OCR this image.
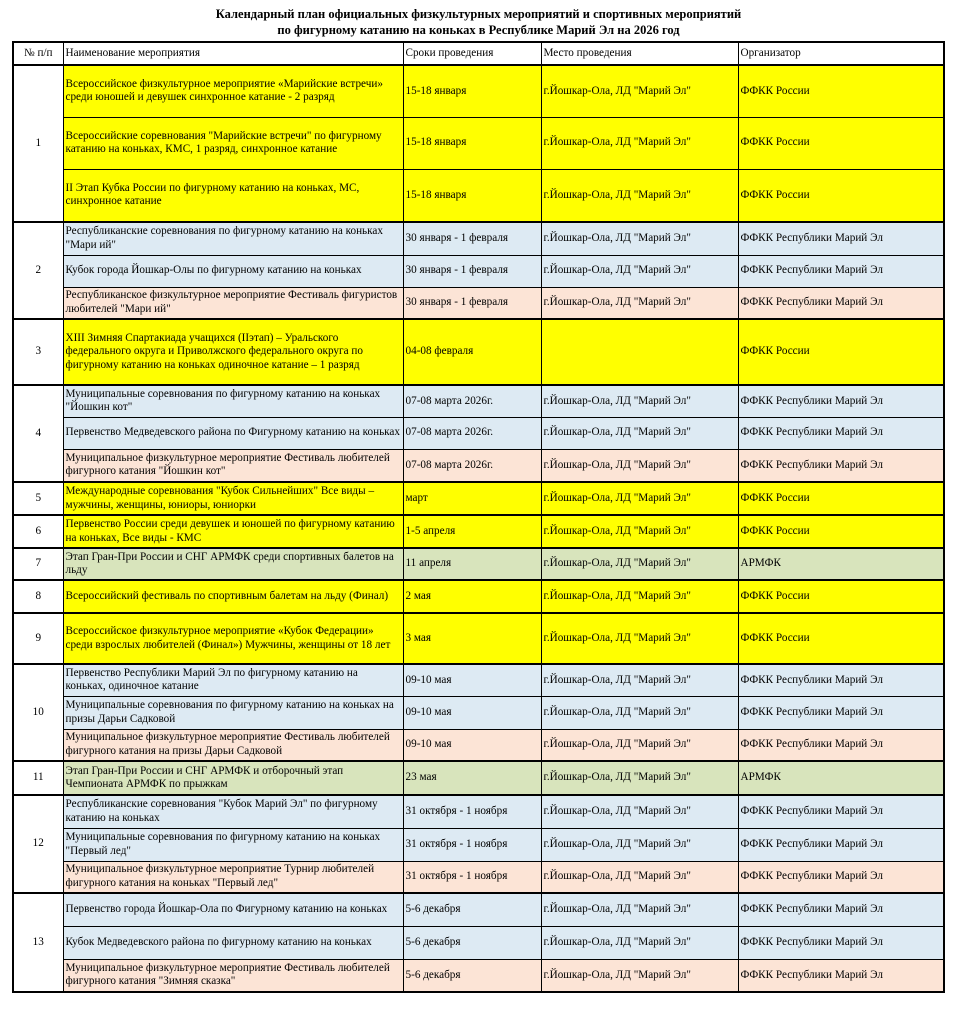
Календарный план официальных физкультурных мероприятий и спортивных мероприятий
по фигурному катанию на коньках в Республике Марий Эл на 2026 год
№ п/п	Наименование мероприятия	Сроки проведения	Место проведения	Организатор
1	Всероссийское физкультурное мероприятие «Марийские встречи» среди юношей и девушек синхронное катание - 2 разряд	15-18 января	г.Йошкар-Ола, ЛД "Марий Эл"	ФФКК России
	Всероссийские соревнования "Марийские встречи" по фигурному катанию на коньках, КМС, 1 разряд, синхронное катание	15-18 января	г.Йошкар-Ола, ЛД "Марий Эл"	ФФКК России
	II Этап Кубка России по фигурному катанию на коньках, МС, синхронное катание	15-18 января	г.Йошкар-Ола, ЛД "Марий Эл"	ФФКК России
2	Республиканские соревнования по фигурному катанию на коньках "Мари ий"	30 января - 1 февраля	г.Йошкар-Ола, ЛД "Марий Эл"	ФФКК Республики Марий Эл
	Кубок города Йошкар-Олы по фигурному катанию на коньках	30 января - 1 февраля	г.Йошкар-Ола, ЛД "Марий Эл"	ФФКК Республики Марий Эл
	Республиканское физкультурное мероприятие Фестиваль фигуристов любителей "Мари ий"	30 января - 1 февраля	г.Йошкар-Ола, ЛД "Марий Эл"	ФФКК Республики Марий Эл
3	XIII Зимняя Спартакиада учащихся (IIэтап) – Уральского федерального округа и Приволжского федерального округа по фигурному катанию на коньках одиночное катание – 1 разряд	04-08 февраля		ФФКК России
4	Муниципальные соревнования по фигурному катанию на коньках "Йошкин кот"	07-08 марта 2026г.	г.Йошкар-Ола, ЛД "Марий Эл"	ФФКК Республики Марий Эл
	Первенство Медведевского района по Фигурному катанию на коньках	07-08 марта 2026г.	г.Йошкар-Ола, ЛД "Марий Эл"	ФФКК Республики Марий Эл
	Муниципальное физкультурное мероприятие Фестиваль любителей фигурного катания "Йошкин кот"	07-08 марта 2026г.	г.Йошкар-Ола, ЛД "Марий Эл"	ФФКК Республики Марий Эл
5	Международные соревнования "Кубок Сильнейших" Все виды – мужчины, женщины, юниоры, юниорки	март	г.Йошкар-Ола, ЛД "Марий Эл"	ФФКК России
6	Первенство России среди девушек и юношей по фигурному катанию на коньках, Все виды - КМС	1-5 апреля	г.Йошкар-Ола, ЛД "Марий Эл"	ФФКК России
7	Этап Гран-При России и СНГ АРМФК среди спортивных балетов на льду	11 апреля	г.Йошкар-Ола, ЛД "Марий Эл"	АРМФК
8	Всероссийский фестиваль по спортивным балетам на льду (Финал)	2 мая	г.Йошкар-Ола, ЛД "Марий Эл"	ФФКК России
9	Всероссийское физкультурное мероприятие «Кубок Федерации» среди взрослых любителей (Финал») Мужчины, женщины от 18 лет	3 мая	г.Йошкар-Ола, ЛД "Марий Эл"	ФФКК России
10	Первенство Республики Марий Эл по фигурному катанию на коньках, одиночное катание	09-10 мая	г.Йошкар-Ола, ЛД "Марий Эл"	ФФКК Республики Марий Эл
	Муниципальные соревнования по фигурному катанию на коньках на призы Дарьи Садковой	09-10 мая	г.Йошкар-Ола, ЛД "Марий Эл"	ФФКК Республики Марий Эл
	Муниципальное физкультурное мероприятие Фестиваль любителей фигурного катания на призы Дарьи Садковой	09-10 мая	г.Йошкар-Ола, ЛД "Марий Эл"	ФФКК Республики Марий Эл
11	Этап Гран-При России и СНГ АРМФК и отборочный этап Чемпионата АРМФК по прыжкам	23 мая	г.Йошкар-Ола, ЛД "Марий Эл"	АРМФК
12	Республиканские соревнования "Кубок Марий Эл" по фигурному катанию на коньках	31 октября - 1 ноября	г.Йошкар-Ола, ЛД "Марий Эл"	ФФКК Республики Марий Эл
	Муниципальные соревнования по фигурному катанию на коньках "Первый лед"	31 октября - 1 ноября	г.Йошкар-Ола, ЛД "Марий Эл"	ФФКК Республики Марий Эл
	Муниципальное физкультурное мероприятие Турнир любителей фигурного катания на коньках "Первый лед"	31 октября - 1 ноября	г.Йошкар-Ола, ЛД "Марий Эл"	ФФКК Республики Марий Эл
13	Первенство города Йошкар-Ола по Фигурному катанию на коньках	5-6 декабря	г.Йошкар-Ола, ЛД "Марий Эл"	ФФКК Республики Марий Эл
	Кубок Медведевского района по фигурному катанию на коньках	5-6 декабря	г.Йошкар-Ола, ЛД "Марий Эл"	ФФКК Республики Марий Эл
	Муниципальное физкультурное мероприятие Фестиваль любителей фигурного катания "Зимняя сказка"	5-6 декабря	г.Йошкар-Ола, ЛД "Марий Эл"	ФФКК Республики Марий Эл
